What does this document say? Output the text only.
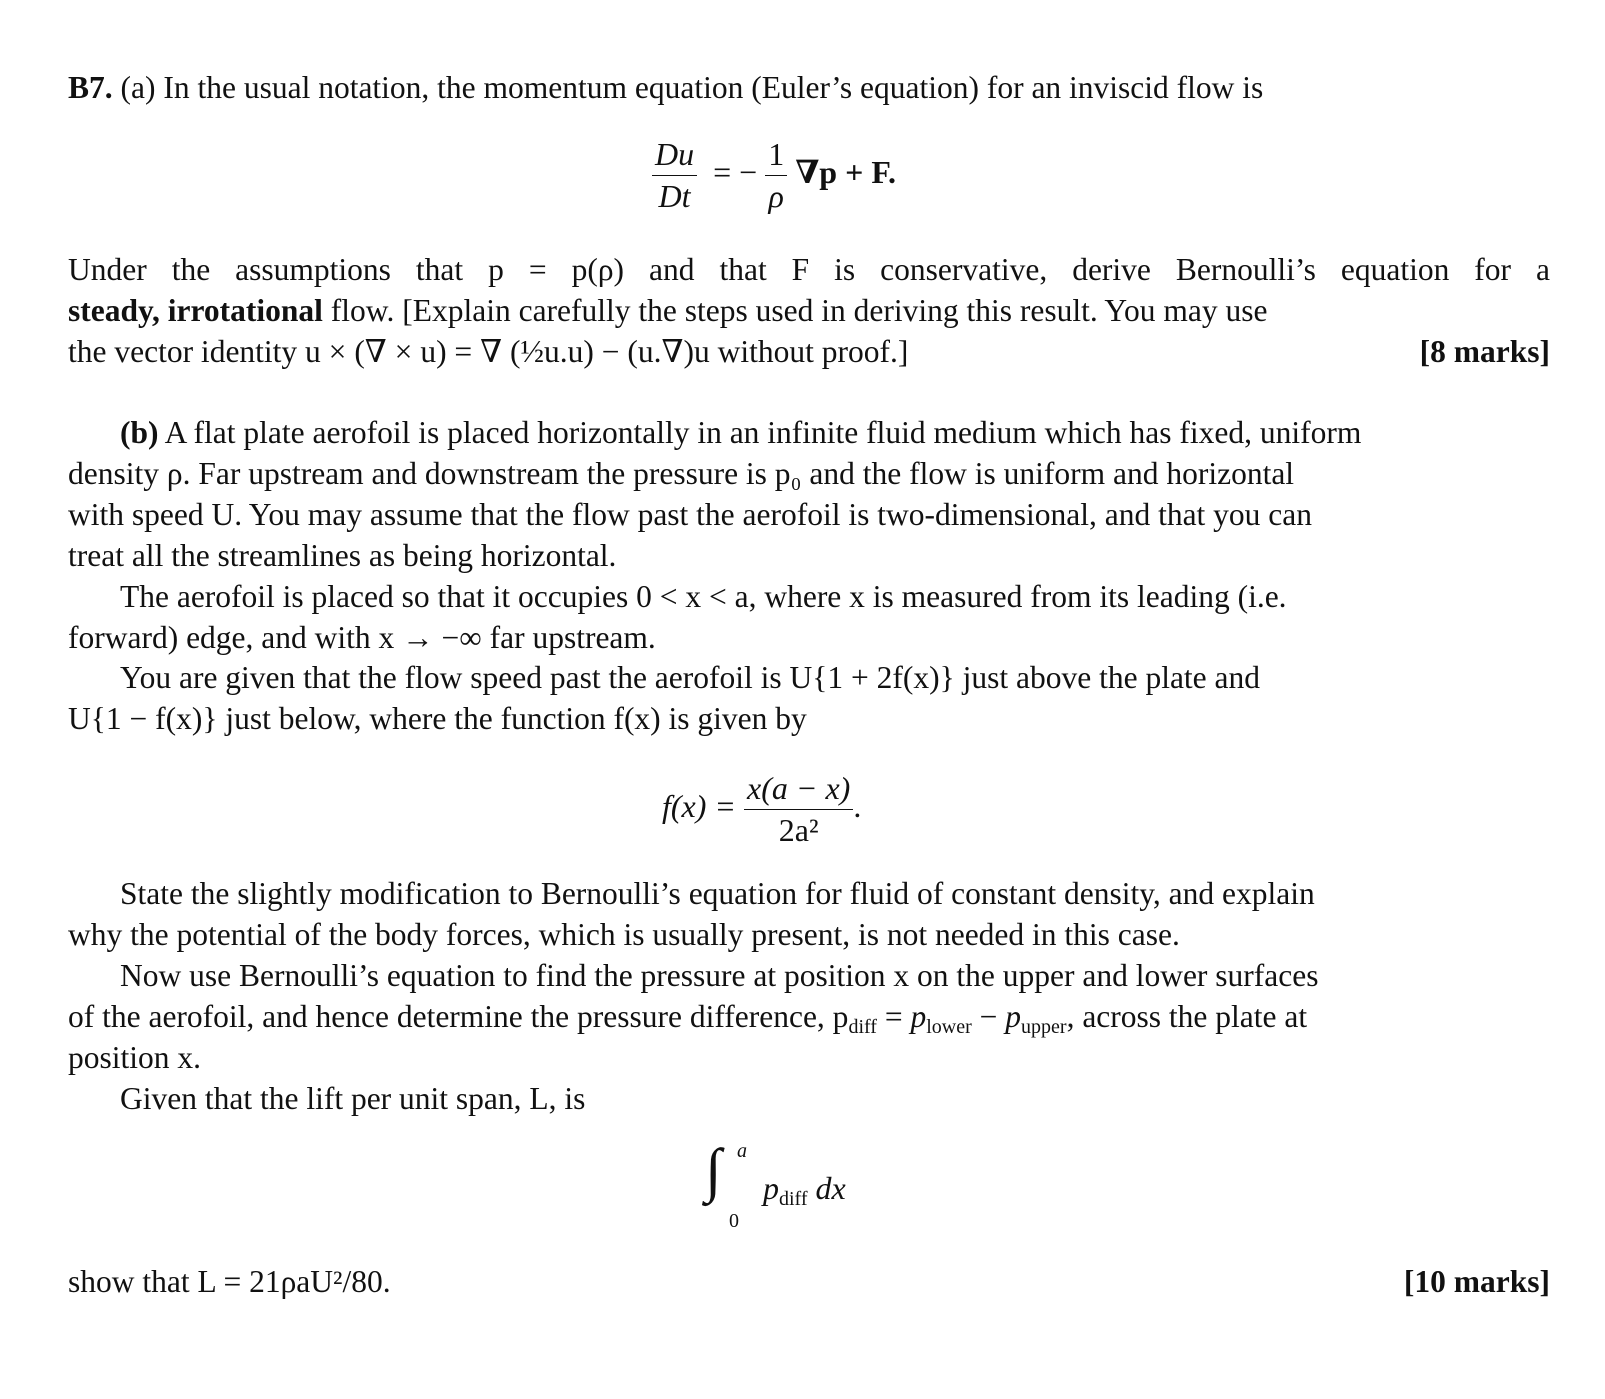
B7. (a) In the usual notation, the momentum equation (Euler’s equation) for an inviscid flow is
$\frac{Du}{Dt}$ = − $\frac{1}{\rho} \nabla p + F$.
Under the assumptions that p = p(ρ) and that F is conservative, derive Bernoulli’s equation for a
steady, irrotational flow. [Explain carefully the steps used in deriving this result. You may use
the vector identity u × (∇ × u) = ∇ (½u.u) − (u.∇)u without proof.]	[8 marks]
(b) A flat plate aerofoil is placed horizontally in an infinite fluid medium which has fixed, uniform
density ρ. Far upstream and downstream the pressure is p₀ and the flow is uniform and horizontal
with speed U. You may assume that the flow past the aerofoil is two-dimensional, and that you can
treat all the streamlines as being horizontal.
The aerofoil is placed so that it occupies 0 < x < a, where x is measured from its leading (i.e.
forward) edge, and with x → −∞ far upstream.
You are given that the flow speed past the aerofoil is U{1 + 2f(x)} just above the plate and
U{1 − f(x)} just below, where the function f(x) is given by
$f(x) = \frac{x(a - x)}{\text{2a²}}$ .
State the slightly modification to Bernoulli’s equation for fluid of constant density, and explain
why the potential of the body forces, which is usually present, is not needed in this case.
Now use Bernoulli’s equation to find the pressure at position x on the upper and lower surfaces
of the aerofoil, and hence determine the pressure difference, $p_{diff} = p_{lower} - p_{upper}$, across the plate at
position x.
Given that the lift per unit span, L, is
∫ a
0
$p_{diff}$ dx
show that L = 21ρaU²/80.	[10 marks]
